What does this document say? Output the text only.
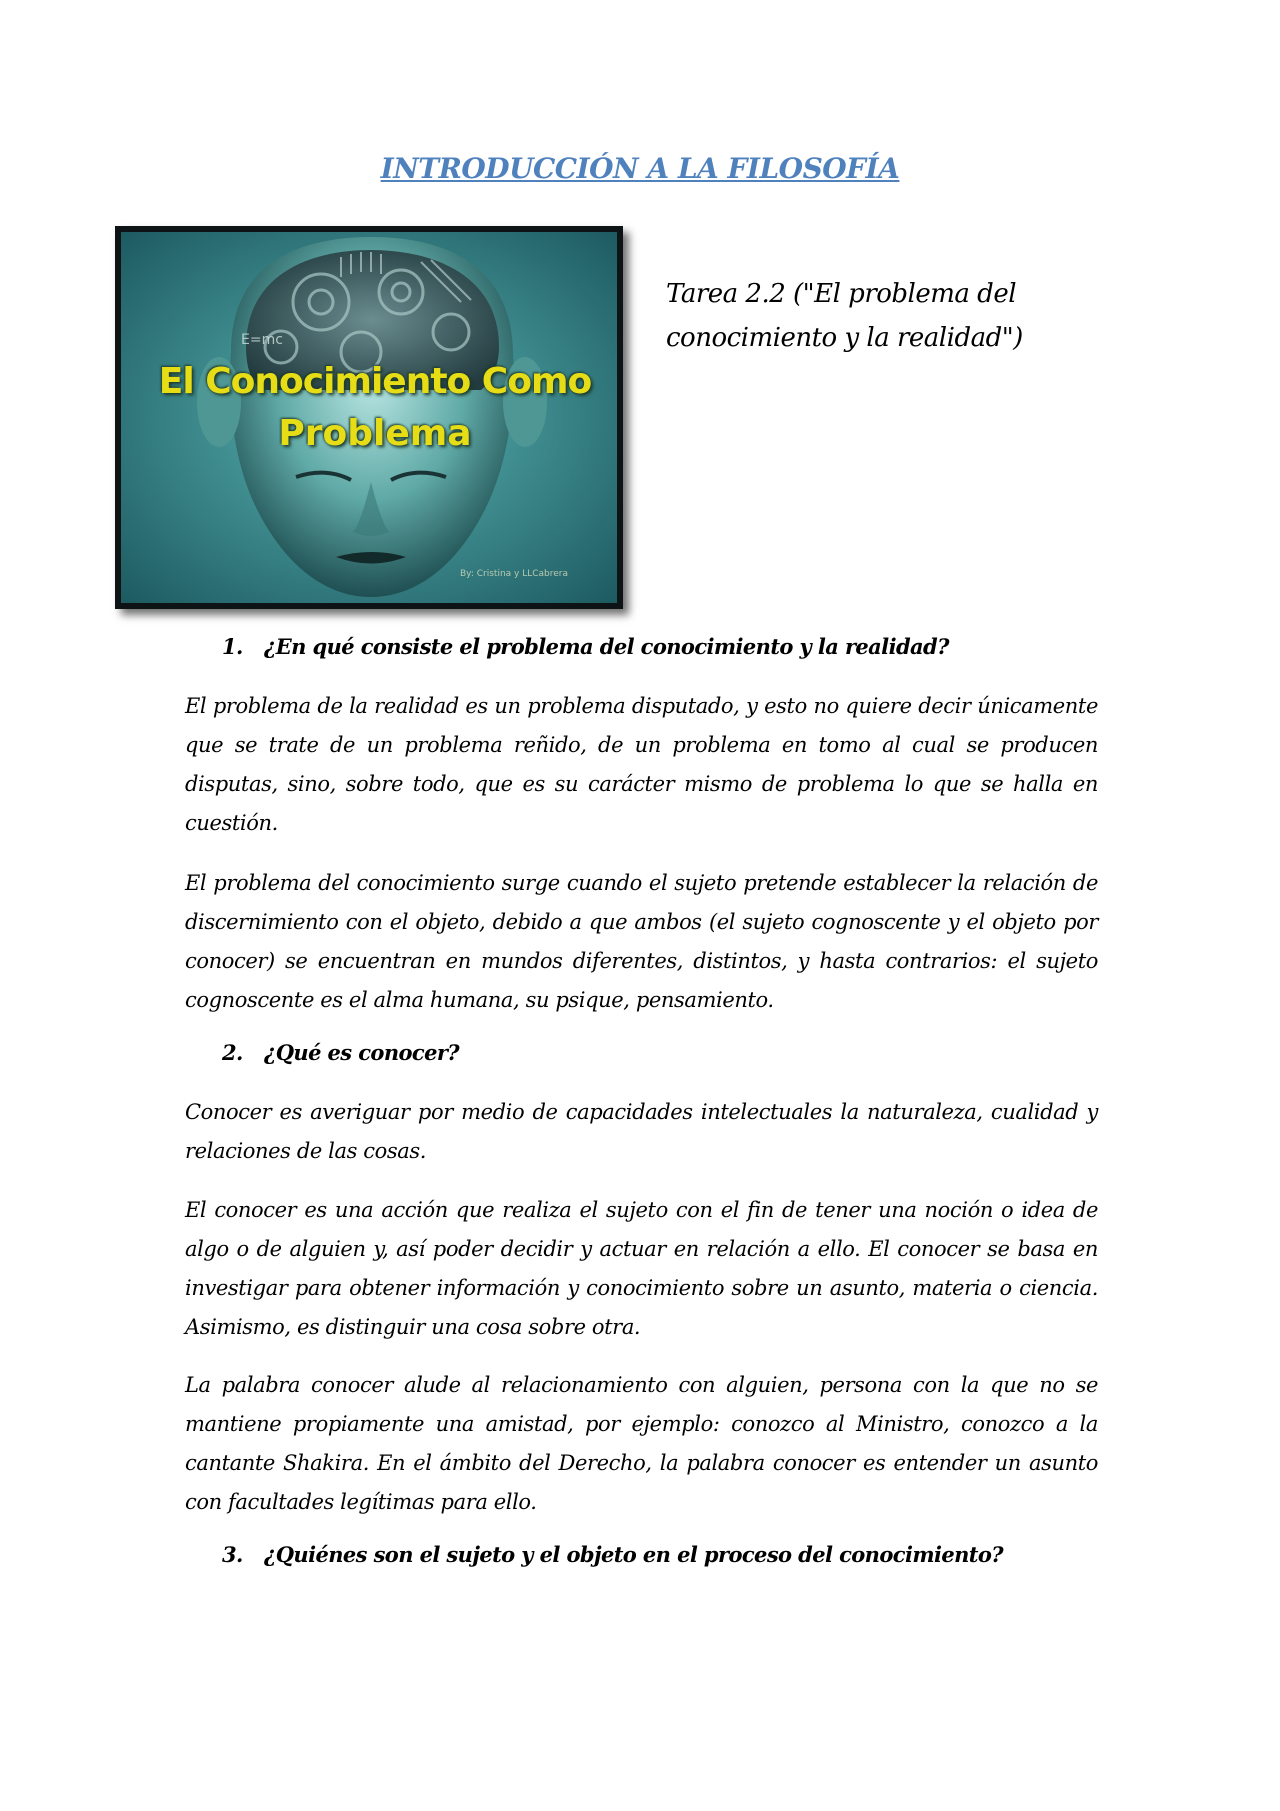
INTRODUCCIÓN A LA FILOSOFÍA
E=mc
El Conocimiento Como
Problema
By: Cristina y LLCabrera

Tarea 2.2 ("El problema del
conocimiento y la realidad")

1. ¿En qué consiste el problema del conocimiento y la realidad?

El problema de la realidad es un problema disputado, y esto no quiere decir únicamente que se trate de un problema reñido, de un problema en tomo al cual se producen disputas, sino, sobre todo, que es su carácter mismo de problema lo que se halla en cuestión.

El problema del conocimiento surge cuando el sujeto pretende establecer la relación de discernimiento con el objeto, debido a que ambos (el sujeto cognoscente y el objeto por conocer) se encuentran en mundos diferentes, distintos, y hasta contrarios: el sujeto cognoscente es el alma humana, su psique, pensamiento.

2. ¿Qué es conocer?

Conocer es averiguar por medio de capacidades intelectuales la naturaleza, cualidad y relaciones de las cosas.

El conocer es una acción que realiza el sujeto con el fin de tener una noción o idea de algo o de alguien y, así poder decidir y actuar en relación a ello. El conocer se basa en investigar para obtener información y conocimiento sobre un asunto, materia o ciencia. Asimismo, es distinguir una cosa sobre otra.

La palabra conocer alude al relacionamiento con alguien, persona con la que no se mantiene propiamente una amistad, por ejemplo: conozco al Ministro, conozco a la cantante Shakira. En el ámbito del Derecho, la palabra conocer es entender un asunto con facultades legítimas para ello.

3. ¿Quiénes son el sujeto y el objeto en el proceso del conocimiento?
